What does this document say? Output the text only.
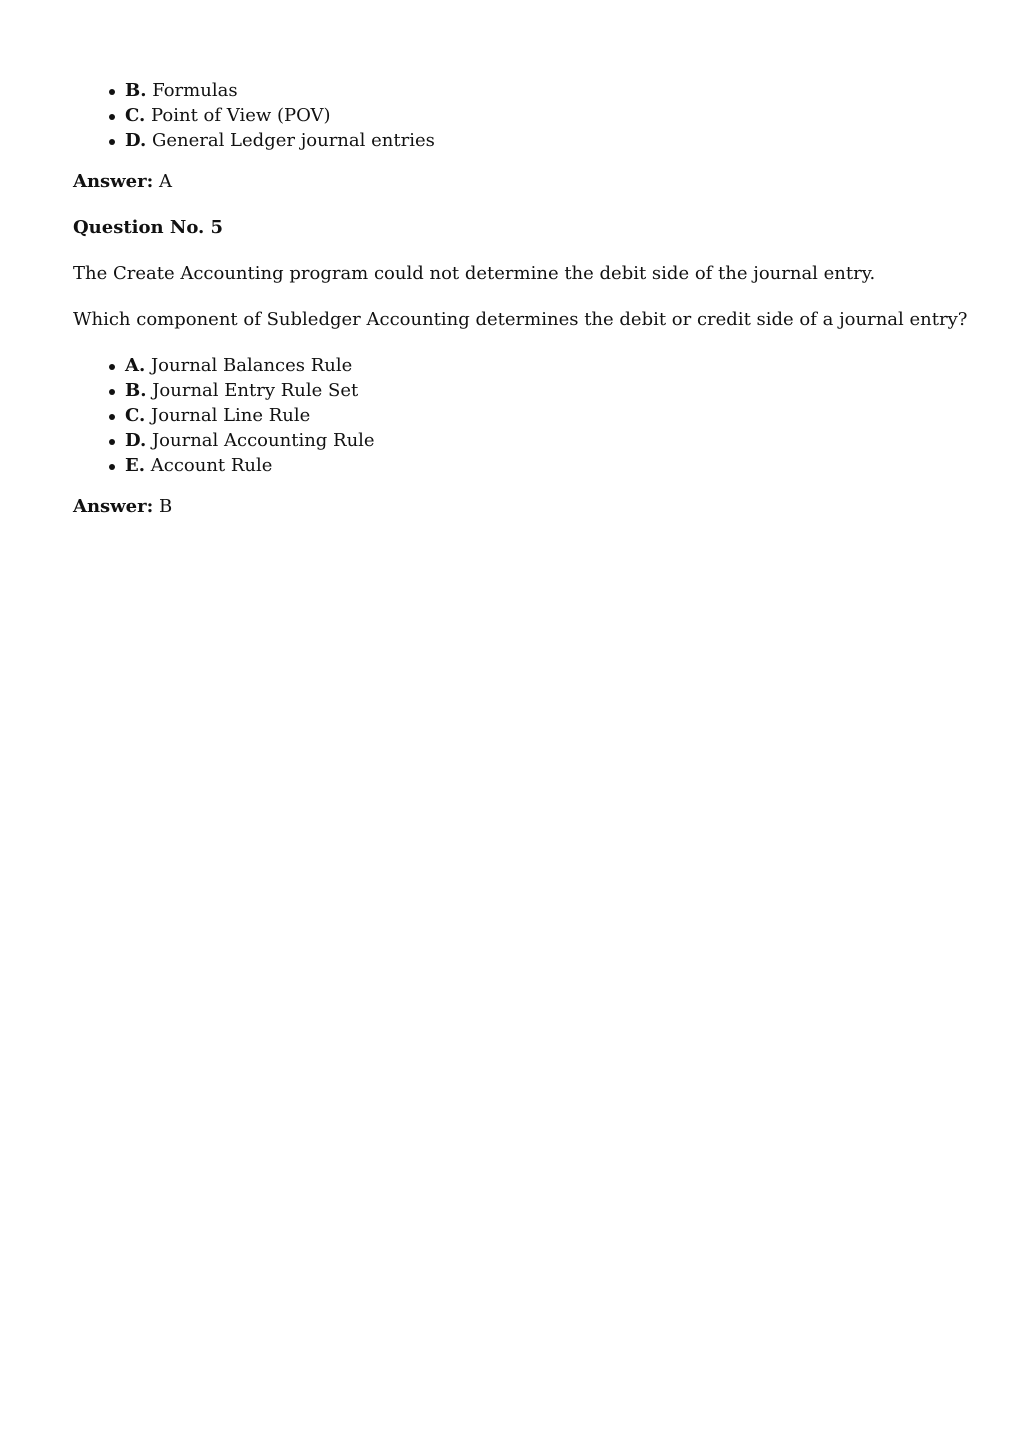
B. Formulas
C. Point of View (POV)
D. General Ledger journal entries

Answer: A

Question No. 5

The Create Accounting program could not determine the debit side of the journal entry.

Which component of Subledger Accounting determines the debit or credit side of a journal entry?

A. Journal Balances Rule
B. Journal Entry Rule Set
C. Journal Line Rule
D. Journal Accounting Rule
E. Account Rule

Answer: B
